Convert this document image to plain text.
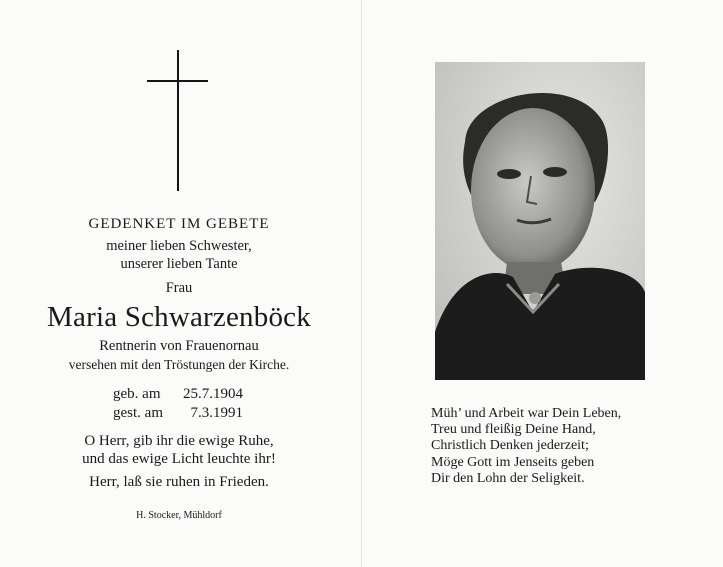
GEDENKET IM GEBETE
meiner lieben Schwester,
unserer lieben Tante
Frau
Maria Schwarzenböck
Rentnerin von Frauenornau
versehen mit den Tröstungen der Kirche.
geb. am	25.7.1904
gest. am	7.3.1991
O Herr, gib ihr die ewige Ruhe,
und das ewige Licht leuchte ihr!
Herr, laß sie ruhen in Frieden.
H. Stocker, Mühldorf
Müh’ und Arbeit war Dein Leben,
Treu und fleißig Deine Hand,
Christlich Denken jederzeit;
Möge Gott im Jenseits geben
Dir den Lohn der Seligkeit.
